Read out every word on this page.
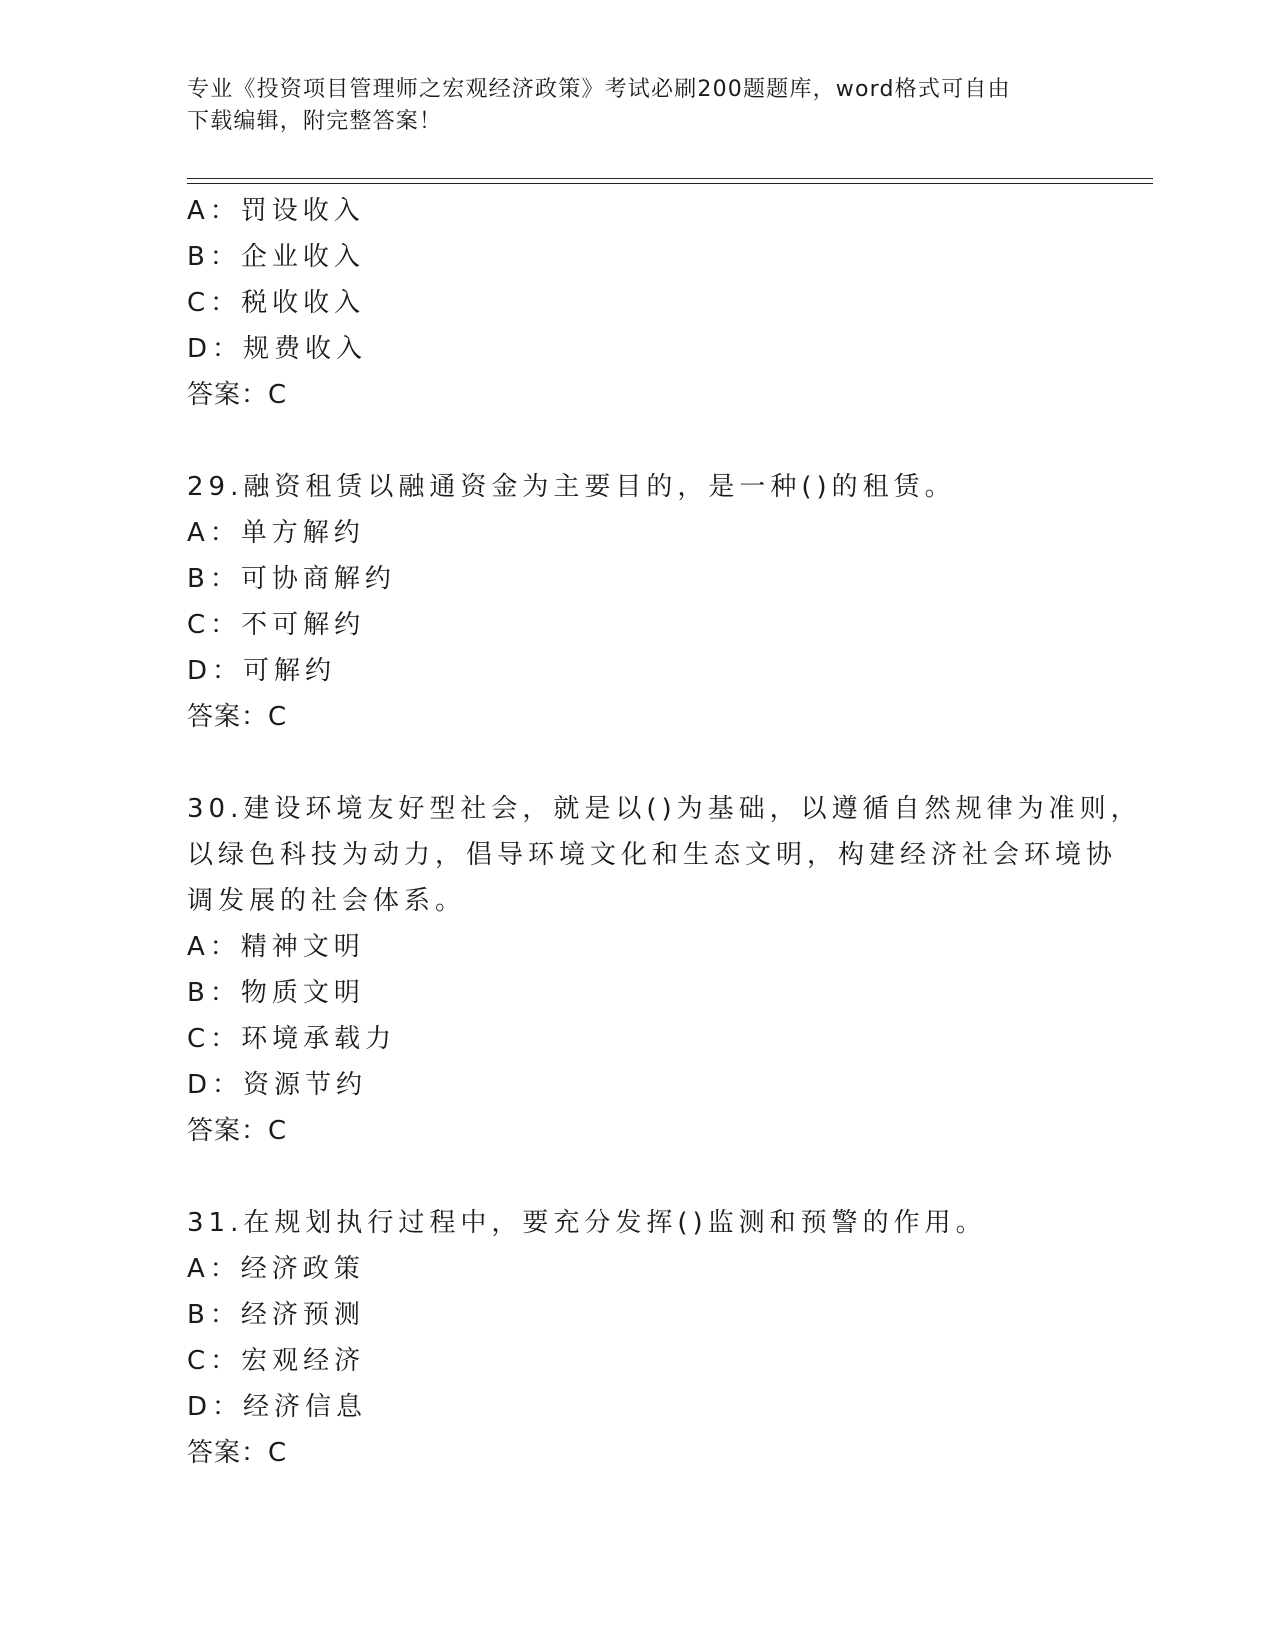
专业《投资项目管理师之宏观经济政策》考试必刷200题题库，word格式可自由
下载编辑，附完整答案！
A：罚设收入
B：企业收入
C：税收收入
D：规费收入
答案：C
29.融资租赁以融通资金为主要目的，是一种()的租赁。
A：单方解约
B：可协商解约
C：不可解约
D：可解约
答案：C
30.建设环境友好型社会，就是以()为基础，以遵循自然规律为准则，
以绿色科技为动力，倡导环境文化和生态文明，构建经济社会环境协
调发展的社会体系。
A：精神文明
B：物质文明
C：环境承载力
D：资源节约
答案：C
31.在规划执行过程中，要充分发挥()监测和预警的作用。
A：经济政策
B：经济预测
C：宏观经济
D：经济信息
答案：C
